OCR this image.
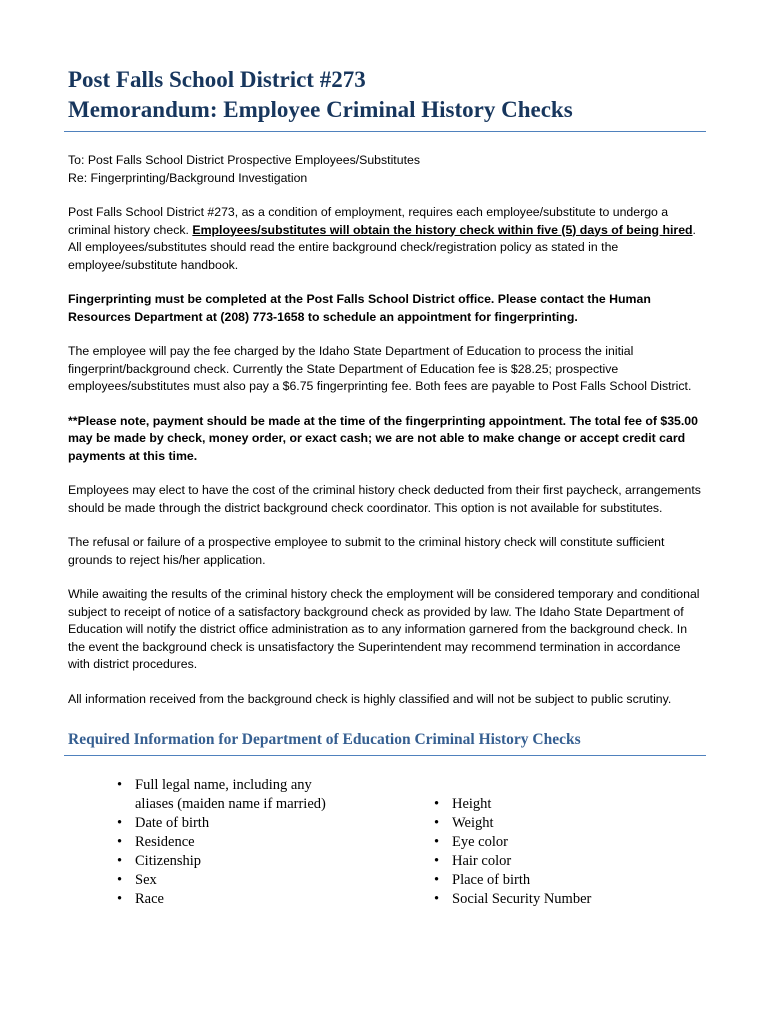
Post Falls School District #273
Memorandum: Employee Criminal History Checks

To: Post Falls School District Prospective Employees/Substitutes

Re: Fingerprinting/Background Investigation

Post Falls School District #273, as a condition of employment, requires each employee/substitute to undergo a criminal history check. Employees/substitutes will obtain the history check within five (5) days of being hired. All employees/substitutes should read the entire background check/registration policy as stated in the employee/substitute handbook.

Fingerprinting must be completed at the Post Falls School District office. Please contact the Human Resources Department at (208) 773-1658 to schedule an appointment for fingerprinting.

The employee will pay the fee charged by the Idaho State Department of Education to process the initial fingerprint/background check. Currently the State Department of Education fee is $28.25; prospective employees/substitutes must also pay a $6.75 fingerprinting fee. Both fees are payable to Post Falls School District.

**Please note, payment should be made at the time of the fingerprinting appointment. The total fee of $35.00 may be made by check, money order, or exact cash; we are not able to make change or accept credit card payments at this time.

Employees may elect to have the cost of the criminal history check deducted from their first paycheck, arrangements should be made through the district background check coordinator. This option is not available for substitutes.

The refusal or failure of a prospective employee to submit to the criminal history check will constitute sufficient grounds to reject his/her application.

While awaiting the results of the criminal history check the employment will be considered temporary and conditional subject to receipt of notice of a satisfactory background check as provided by law. The Idaho State Department of Education will notify the district office administration as to any information garnered from the background check. In the event the background check is unsatisfactory the Superintendent may recommend termination in accordance with district procedures.

All information received from the background check is highly classified and will not be subject to public scrutiny.

Required Information for Department of Education Criminal History Checks
• Full legal name, including any aliases (maiden name if married)
• Date of birth
• Residence
• Citizenship
• Sex
• Race
• Height
• Weight
• Eye color
• Hair color
• Place of birth
• Social Security Number
